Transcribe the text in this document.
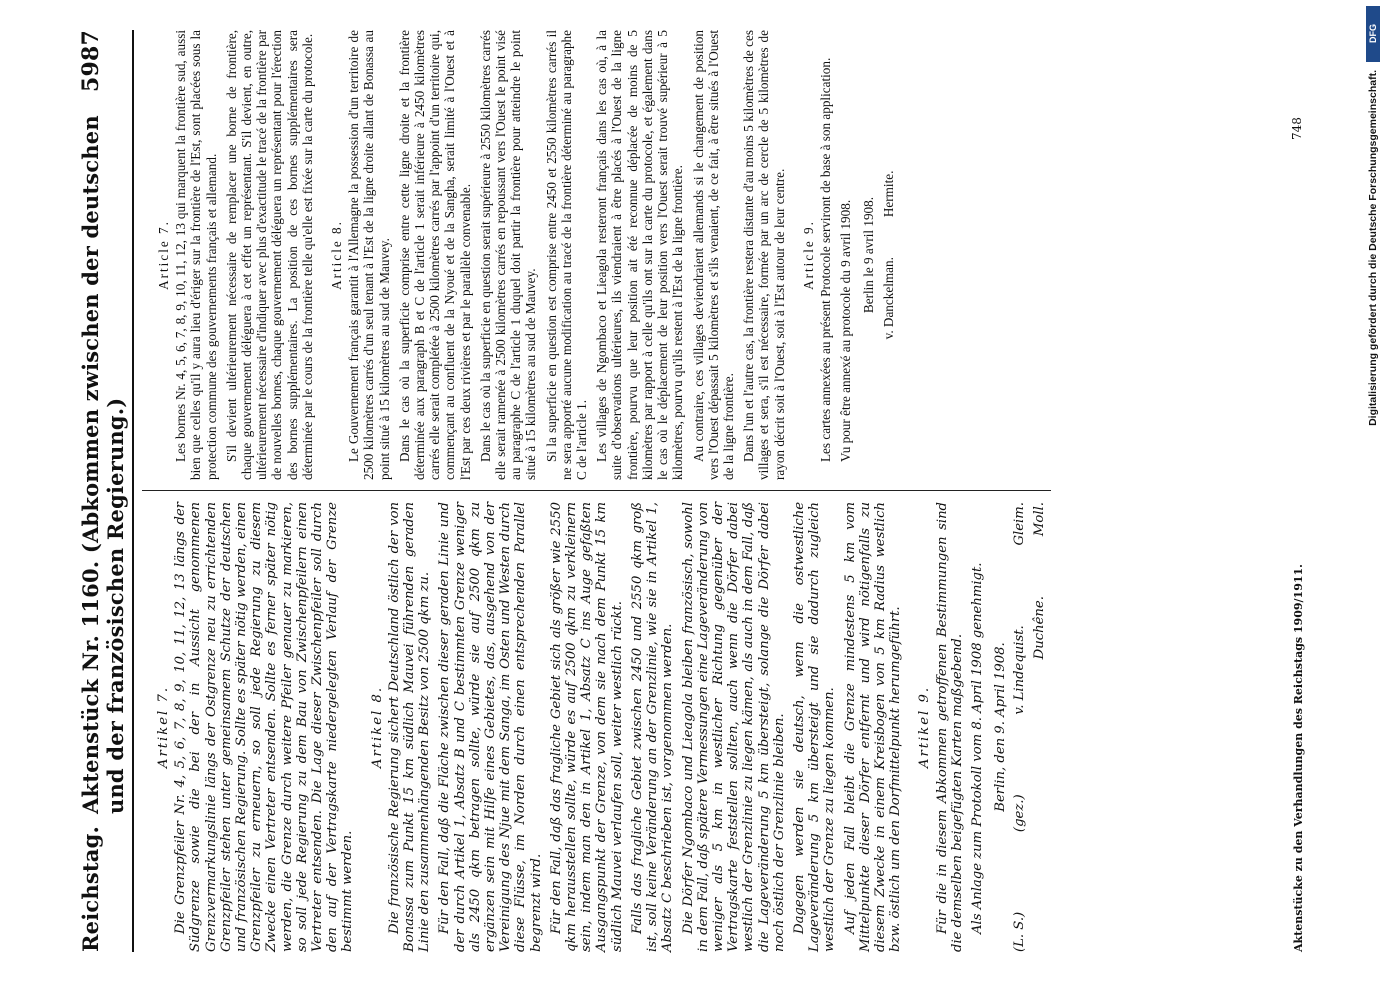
DFG
Digitalisierung gefördert durch die Deutsche Forschungsgemeinschaft.
Reichstag.
Aktenstück Nr. 1160. (Abkommen zwischen der deutschen und der französischen Regierung.)
5987
Artikel 7. Die Grenzpfeiler Nr. 4, 5, 6, 7, 8, 9, 10, 11, 12, 13 längs der Südgrenze sowie die bei der in Aussicht genommenen Grenzvermarkungslinie längs der Ostgrenze neu zu errichtenden Grenzpfeiler stehen unter gemeinsamem Schutze der deutschen und französischen Regierung. Sollte es später nötig werden, einen Grenzpfeiler zu erneuern, so soll jede Regierung zu diesem Zwecke einen Vertreter entsenden. Sollte es ferner später nötig werden, die Grenze durch weitere Pfeiler genauer zu markieren, so soll jede Regierung zu dem Bau von Zwischenpfeilern einen Vertreter entsenden. Die Lage dieser Zwischenpfeiler soll durch den auf der Vertragskarte niedergelegten Verlauf der Grenze bestimmt werden.

Artikel 8. Die französische Regierung sichert Deutschland östlich der von Bonassa zum Punkt 15 km südlich Mauvei führenden geraden Linie den zusammenhängenden Besitz von 2500 qkm zu. Für den Fall, daß die Fläche zwischen dieser geraden Linie und der durch Artikel 1, Absatz B und C bestimmten Grenze weniger als 2450 qkm betragen sollte, würde sie auf 2500 qkm zu ergänzen sein mit Hilfe eines Gebietes, das, ausgehend von der Vereinigung des Njue mit dem Sanga, im Osten und Westen durch diese Flüsse, im Norden durch einen entsprechenden Parallel begrenzt wird. Für den Fall, daß das fragliche Gebiet sich als größer wie 2550 qkm herausstellen sollte, würde es auf 2500 qkm zu verkleinern sein, indem man den in Artikel 1, Absatz C ins Auge gefaßten Ausgangspunkt der Grenze, von dem sie nach dem Punkt 15 km südlich Mauvei verlaufen soll, weiter westlich rückt. Falls das fragliche Gebiet zwischen 2450 und 2550 qkm groß ist, soll keine Veränderung an der Grenzlinie, wie sie in Artikel 1, Absatz C beschrieben ist, vorgenommen werden. Die Dörfer Ngombaco und Lieagola bleiben französisch, sowohl in dem Fall, daß spätere Vermessungen eine Lageveränderung von weniger als 5 km in westlicher Richtung gegenüber der Vertragskarte feststellen sollten, auch wenn die Dörfer dabei westlich der Grenzlinie zu liegen kämen, als auch in dem Fall, daß die Lageveränderung 5 km übersteigt, solange die Dörfer dabei noch östlich der Grenzlinie bleiben. Dagegen werden sie deutsch, wenn die ostwestliche Lageveränderung 5 km übersteigt und sie dadurch zugleich westlich der Grenze zu liegen kommen. Auf jeden Fall bleibt die Grenze mindestens 5 km vom Mittelpunkte dieser Dörfer entfernt und wird nötigenfalls zu diesem Zwecke in einem Kreisbogen von 5 km Radius westlich bzw. östlich um den Dorfmittelpunkt herumgeführt. Artikel 9. Für die in diesem Abkommen getroffenen Bestimmungen sind die demselben beigefügten Karten maßgebend. Als Anlage zum Protokoll vom 8. April 1908 genehmigt. Berlin, den 9. April 1908.
(L. S.)
(gez.)
v. Lindequist.
Gleim.
Duchêne.
Moll.
Article 7. Les bornes Nr. 4, 5, 6, 7, 8, 9, 10, 11, 12, 13 qui marquent la frontière sud, aussi bien que celles qu'il y aura lieu d'ériger sur la frontière de l'Est, sont placées sous la protection commune des gouvernements français et allemand. S'il devient ultérieurement nécessaire de remplacer une borne de frontière, chaque gouvernement déléguera à cet effet un représentant. S'il devient, en outre, ultérieurement nécessaire d'indiquer avec plus d'exactitude le tracé de la frontière par de nouvelles bornes, chaque gouvernement déléguera un représentant pour l'érection des bornes supplémentaires. La position de ces bornes supplémentaires sera déterminée par le cours de la frontière telle qu'elle est fixée sur la carte du protocole. Article 8. Le Gouvernement français garantit à l'Allemagne la possession d'un territoire de 2500 kilomètres carrés d'un seul tenant à l'Est de la ligne droite allant de Bonassa au point situé à 15 kilomètres au sud de Mauvey. Dans le cas où la superficie comprise entre cette ligne droite et la frontière déterminée aux paragraph B et C de l'article 1 serait inférieure à 2450 kilomètres carrés elle serait complétée à 2500 kilomètres carrés par l'appoint d'un territoire qui, commençant au confluent de la Nyoué et de la Sangha, serait limité à l'Ouest et à l'Est par ces deux rivières et par le parallèle convenable. Dans le cas où la superficie en question serait supérieure à 2550 kilomètres carrés elle serait ramenée à 2500 kilomètres carrés en repoussant vers l'Ouest le point visé au paragraphe C de l'article 1 duquel doit partir la frontière pour atteindre le point situé à 15 kilomètres au sud de Mauvey. Si la superficie en question est comprise entre 2450 et 2550 kilomètres carrés il ne sera apporté aucune modification au tracé de la frontière déterminé au paragraphe C de l'article 1. Les villages de Ngombaco et Lieagola resteront français dans les cas où, à la suite d'observations ultérieures, ils viendraient à être placés à l'Ouest de la ligne frontière, pourvu que leur position ait été reconnue déplacée de moins de 5 kilomètres par rapport à celle qu'ils ont sur la carte du protocole, et également dans le cas où le déplacement de leur position vers l'Ouest serait trouvé supérieur à 5 kilomètres, pourvu qu'ils restent à l'Est de la ligne frontière. Au contraire, ces villages deviendraient allemands si le changement de position vers l'Ouest dépassait 5 kilomètres et s'ils venaient, de ce fait, à être situés à l'Ouest de la ligne frontière. Dans l'un et l'autre cas, la frontière restera distante d'au moins 5 kilomètres de ces villages et sera, s'il est nécessaire, formée par un arc de cercle de 5 kilomètres de rayon décrit soit à l'Ouest, soit à l'Est autour de leur centre. Article 9. Les cartes annexées au présent Protocole serviront de base à son application. Vu pour être annexé au protocole du 9 avril 1908. Berlin le 9 avril 1908. v. Danckelman.
Hermite.
Aktenstücke zu den Verhandlungen des Reichstags 1909/1911.
748
